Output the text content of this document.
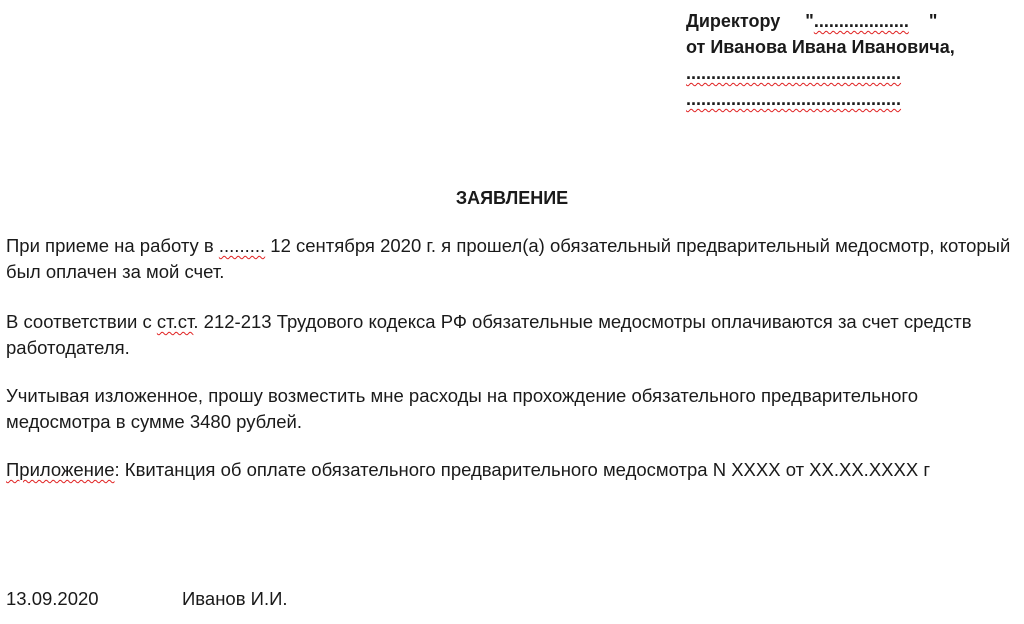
Директору "................... "
от Иванова Ивана Ивановича,
...........................................
...........................................
ЗАЯВЛЕНИЕ

При приеме на работу в ......... 12 сентября 2020 г. я прошел(а) обязательный предварительный медосмотр, который был оплачен за мой счет.

В соответствии с ст.ст. 212-213 Трудового кодекса РФ обязательные медосмотры оплачиваются за счет средств работодателя.

Учитывая изложенное, прошу возместить мне расходы на прохождение обязательного предварительного медосмотра в сумме 3480 рублей.

Приложение: Квитанция об оплате обязательного предварительного медосмотра N XXXX от XX.XX.XXXX г

13.09.2020	Иванов И.И.
